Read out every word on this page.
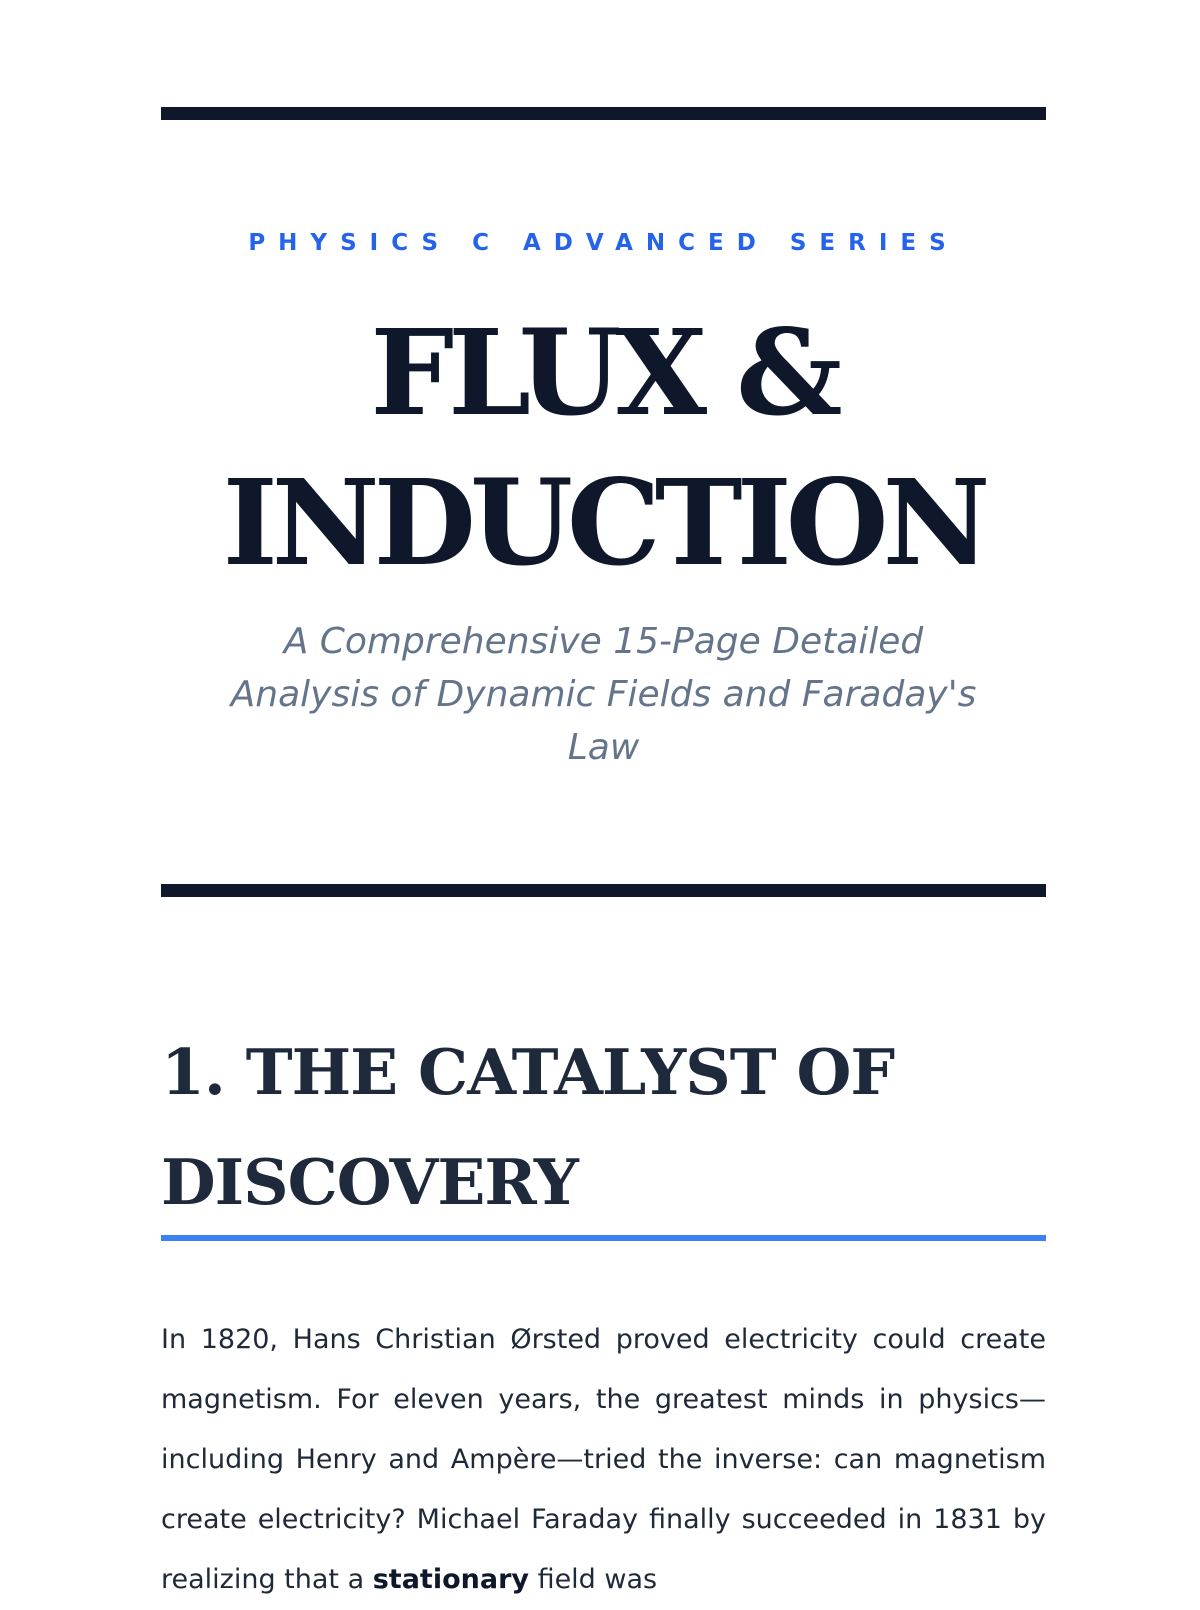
PHYSICS C ADVANCED SERIES
FLUX &
INDUCTION

A Comprehensive 15-Page Detailed Analysis of Dynamic Fields and Faraday's Law

1. THE CATALYST OF
DISCOVERY

In 1820, Hans Christian Ørsted proved electricity could create magnetism. For eleven years, the greatest minds in physics—including Henry and Ampère—tried the inverse: can magnetism create electricity? Michael Faraday finally succeeded in 1831 by realizing that a stationary field was
